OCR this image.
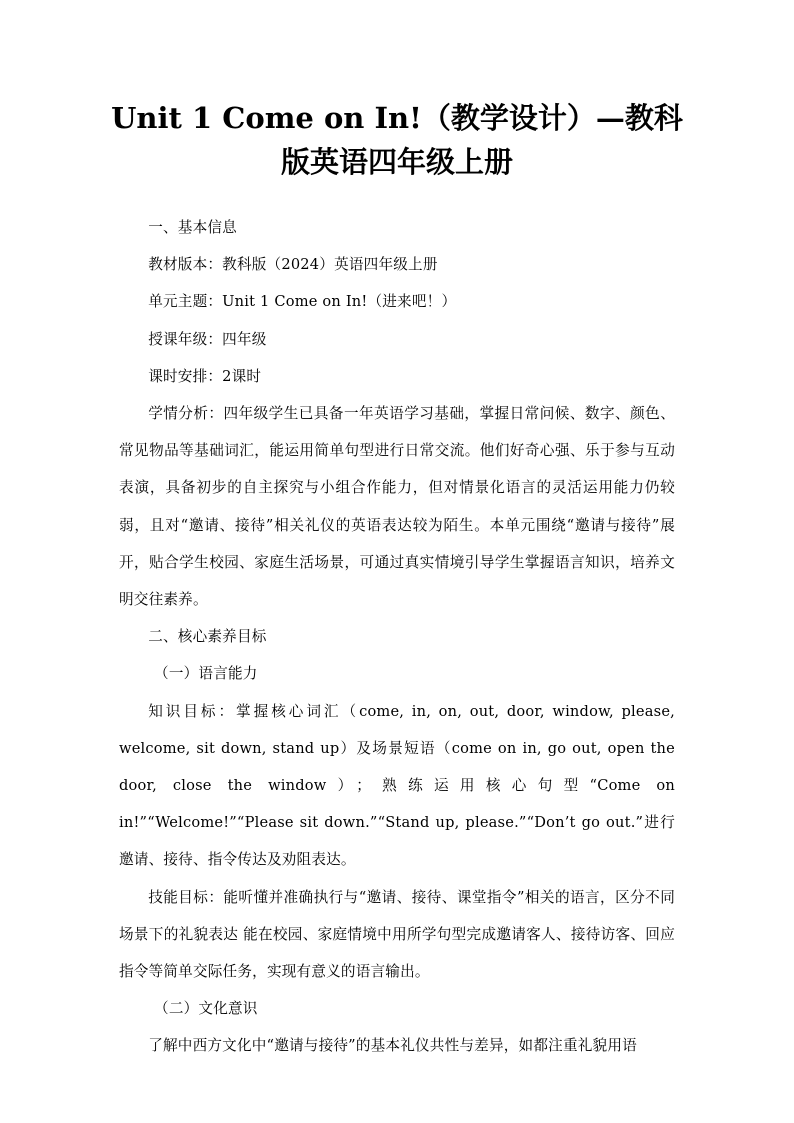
Unit 1 Come on In!（教学设计）—教科版英语四年级上册

一、基本信息

教材版本：教科版（2024）英语四年级上册

单元主题：Unit 1 Come on In!（进来吧！）

授课年级：四年级

课时安排：2课时

学情分析：四年级学生已具备一年英语学习基础，掌握日常问候、数字、颜色、常见物品等基础词汇，能运用简单句型进行日常交流。他们好奇心强、乐于参与互动表演，具备初步的自主探究与小组合作能力，但对情景化语言的灵活运用能力仍较弱，且对“邀请、接待”相关礼仪的英语表达较为陌生。本单元围绕“邀请与接待”展开，贴合学生校园、家庭生活场景，可通过真实情境引导学生掌握语言知识，培养文明交往素养。

二、核心素养目标

（一）语言能力

知识目标：掌握核心词汇（come, in, on, out, door, window, please, welcome, sit down, stand up）及场景短语（come on in, go out, open the door, close the window）；熟练运用核心句型“Come on in!”“Welcome!”“Please sit down.”“Stand up, please.”“Don’t go out.”进行邀请、接待、指令传达及劝阻表达。

技能目标：能听懂并准确执行与“邀请、接待、课堂指令”相关的语言，区分不同场景下的礼貌表达 能在校园、家庭情境中用所学句型完成邀请客人、接待访客、回应指令等简单交际任务，实现有意义的语言输出。

（二）文化意识

了解中西方文化中“邀请与接待”的基本礼仪共性与差异，如都注重礼貌用语
